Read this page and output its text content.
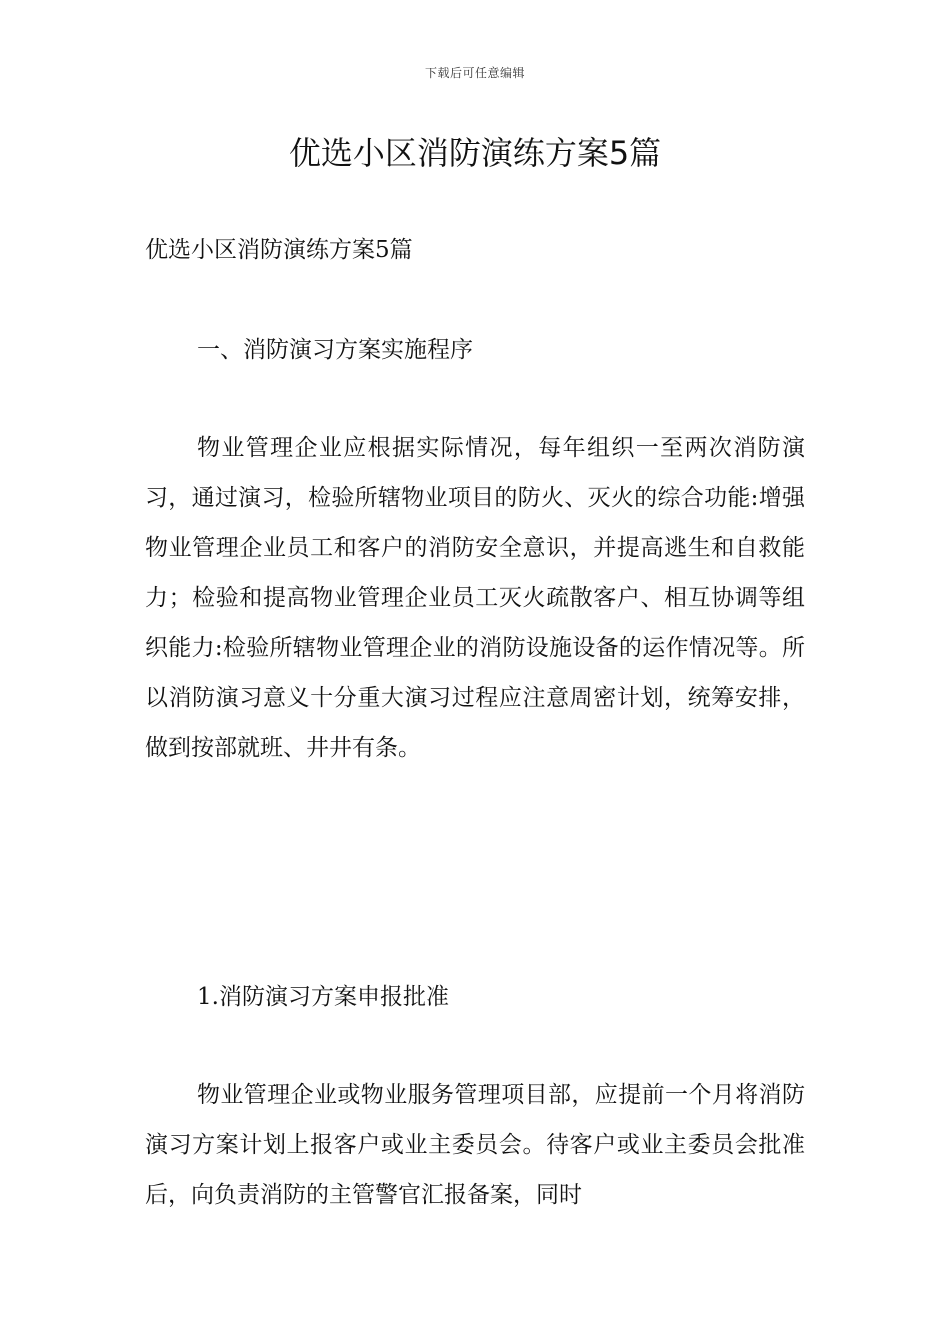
下载后可任意编辑
优选小区消防演练方案5篇

优选小区消防演练方案5篇

一、消防演习方案实施程序

物业管理企业应根据实际情况，每年组织一至两次消防演习，通过演习，检验所辖物业项目的防火、灭火的综合功能:增强物业管理企业员工和客户的消防安全意识，并提高逃生和自救能力；检验和提高物业管理企业员工灭火疏散客户、相互协调等组织能力:检验所辖物业管理企业的消防设施设备的运作情况等。所以消防演习意义十分重大演习过程应注意周密计划，统筹安排，做到按部就班、井井有条。

1.消防演习方案申报批准

物业管理企业或物业服务管理项目部，应提前一个月将消防演习方案计划上报客户或业主委员会。待客户或业主委员会批准后，向负责消防的主管警官汇报备案，同时
